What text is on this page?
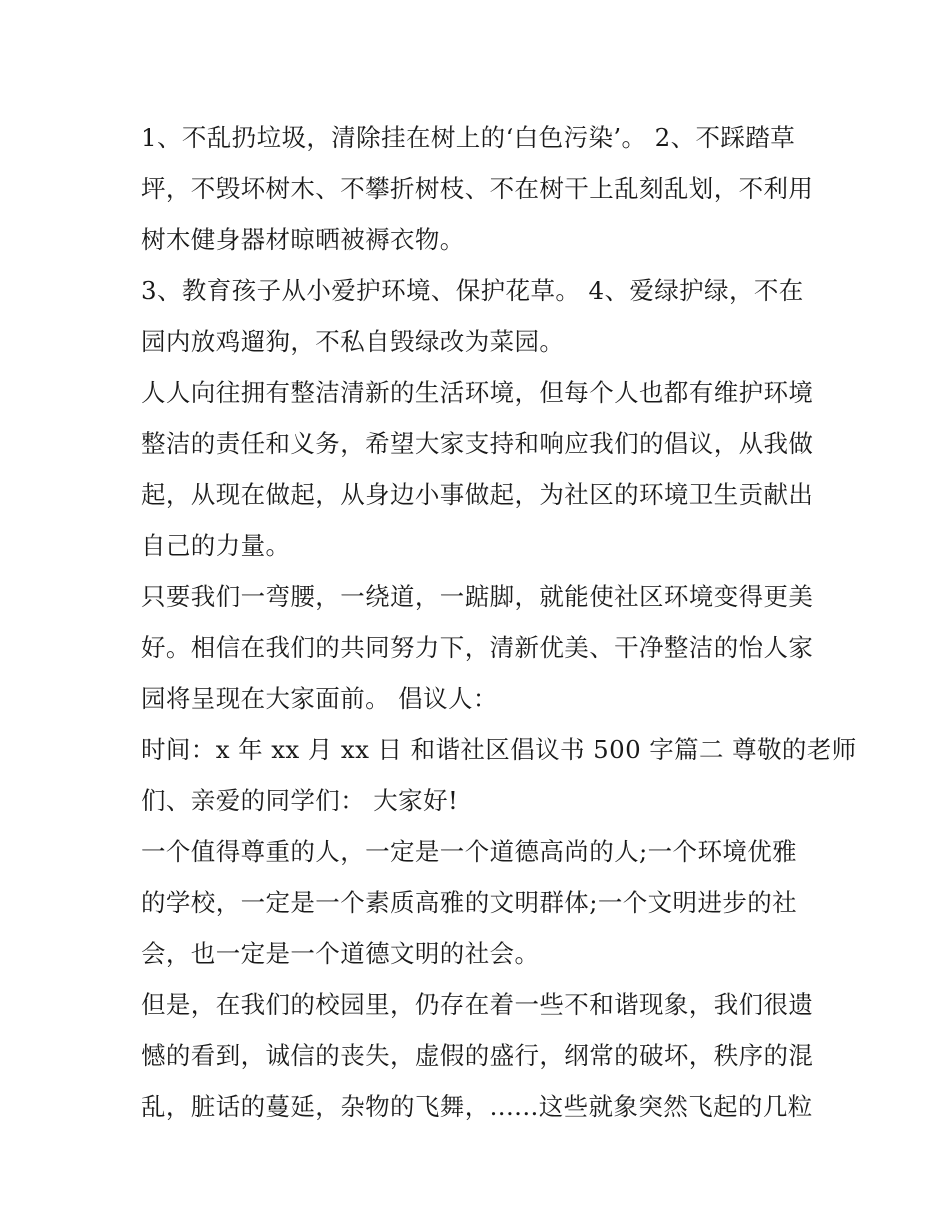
1、不乱扔垃圾，清除挂在树上的‘白色污染’。 2、不踩踏草
坪，不毁坏树木、不攀折树枝、不在树干上乱刻乱划，不利用
树木健身器材晾晒被褥衣物。
3、教育孩子从小爱护环境、保护花草。 4、爱绿护绿，不在
园内放鸡遛狗，不私自毁绿改为菜园。
人人向往拥有整洁清新的生活环境，但每个人也都有维护环境
整洁的责任和义务，希望大家支持和响应我们的倡议，从我做
起，从现在做起，从身边小事做起，为社区的环境卫生贡献出
自己的力量。
只要我们一弯腰，一绕道，一踮脚，就能使社区环境变得更美
好。相信在我们的共同努力下，清新优美、干净整洁的怡人家
园将呈现在大家面前。 倡议人：
时间：x 年 xx 月 xx 日 和谐社区倡议书 500 字篇二 尊敬的老师
们、亲爱的同学们： 大家好!
一个值得尊重的人，一定是一个道德高尚的人;一个环境优雅
的学校，一定是一个素质高雅的文明群体;一个文明进步的社
会，也一定是一个道德文明的社会。
但是，在我们的校园里，仍存在着一些不和谐现象，我们很遗
憾的看到，诚信的丧失，虚假的盛行，纲常的破坏，秩序的混
乱，脏话的蔓延，杂物的飞舞，......这些就象突然飞起的几粒
